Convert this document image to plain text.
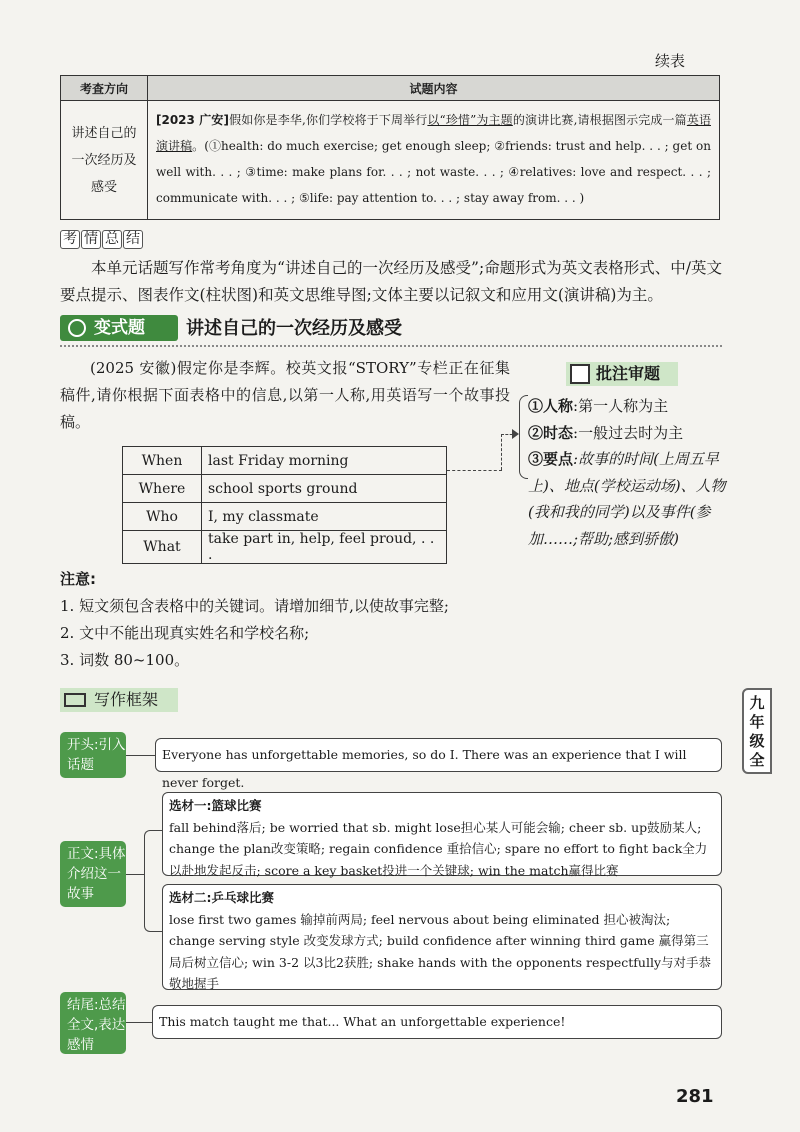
续表
考查方向	试题内容
讲述自己的一次经历及感受	[2023 广安]假如你是李华,你们学校将于下周举行以“珍惜”为主题的演讲比赛,请根据图示完成一篇英语演讲稿。(①health: do much exercise; get enough sleep; ②friends: trust and help. . . ; get on well with. . . ; ③time: make plans for. . . ; not waste. . . ; ④relatives: love and respect. . . ; communicate with. . . ; ⑤life: pay attention to. . . ; stay away from. . . )
考 情 总 结
本单元话题写作常考角度为“讲述自己的一次经历及感受”;命题形式为英文表格形式、中/英文要点提示、图表作文(柱状图)和英文思维导图;文体主要以记叙文和应用文(演讲稿)为主。
变式题	讲述自己的一次经历及感受
(2025 安徽)假定你是李辉。校英文报“STORY”专栏正在征集稿件,请你根据下面表格中的信息,以第一人称,用英语写一个故事投稿。
When	last Friday morning
Where	school sports ground
Who	I, my classmate
What	take part in, help, feel proud, . . .
批注审题
①人称:第一人称为主
②时态:一般过去时为主
③要点:故事的时间(上周五早上)、地点(学校运动场)、人物(我和我的同学)以及事件(参加……;帮助;感到骄傲)
注意:
1. 短文须包含表格中的关键词。请增加细节,以使故事完整;
2. 文中不能出现真实姓名和学校名称;
3. 词数 80~100。
写作框架	九年级全
开头:引入话题
Everyone has unforgettable memories, so do I. There was an experience that I will never forget.
正文:具体介绍这一故事
选材一:篮球比赛
fall behind落后; be worried that sb. might lose担心某人可能会输; cheer sb. up鼓励某人; change the plan改变策略; regain confidence 重拾信心; spare no effort to fight back全力以赴地发起反击; score a key basket投进一个关键球; win the match赢得比赛
选材二:乒乓球比赛
lose first two games 输掉前两局; feel nervous about being eliminated 担心被淘汰; change serving style 改变发球方式; build confidence after winning third game 赢得第三局后树立信心; win 3-2 以3比2获胜; shake hands with the opponents respectfully与对手恭敬地握手
结尾:总结全文,表达感情
This match taught me that... What an unforgettable experience!
281
